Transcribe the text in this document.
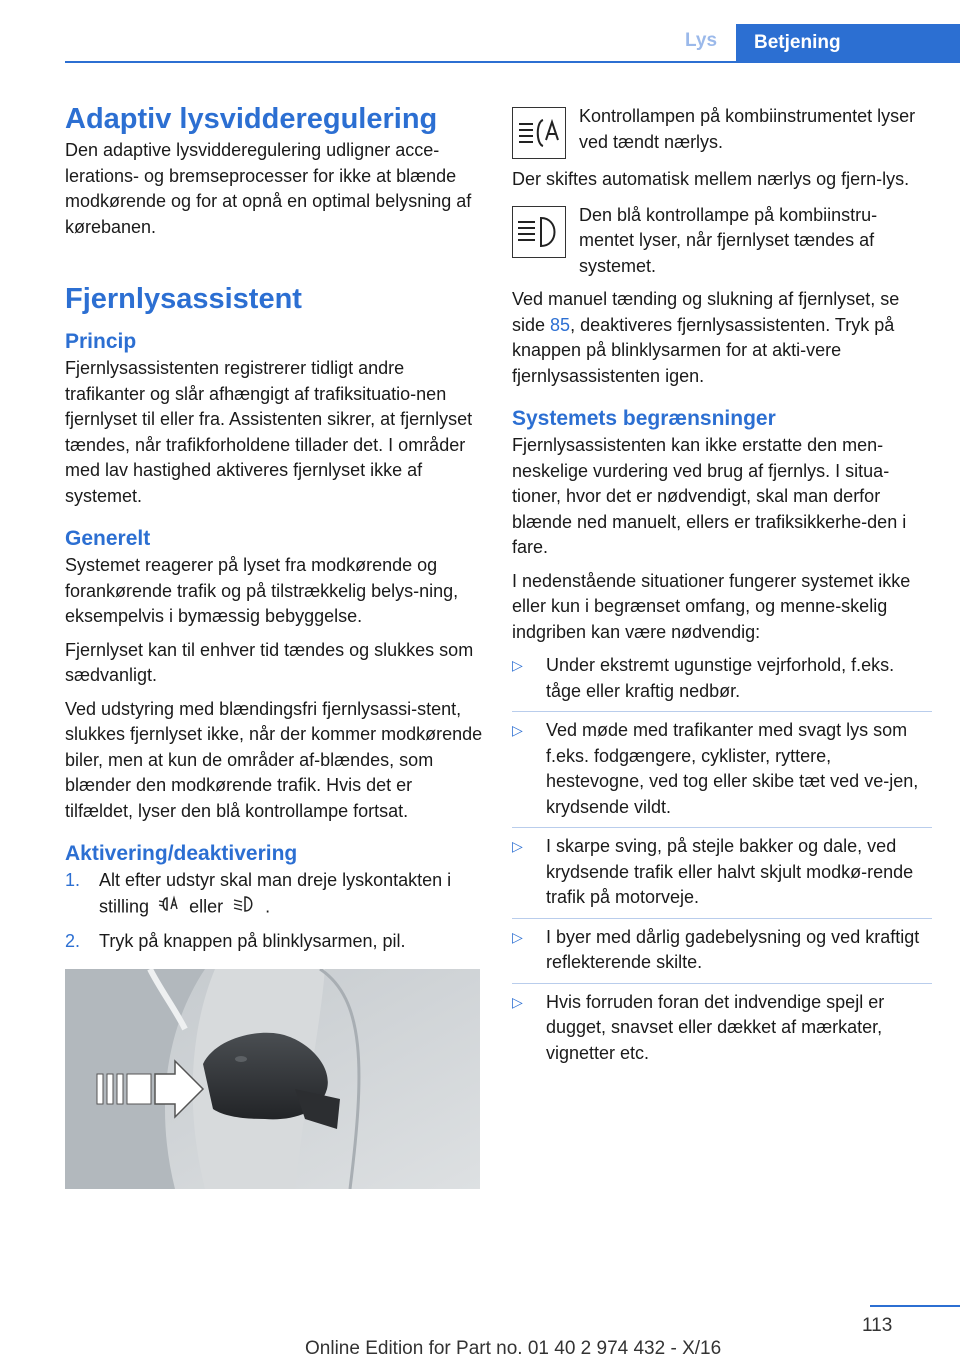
Lys	Betjening
Adaptiv lysvidderegulering

Den adaptive lysvidderegulering udligner acce-lerations- og bremseprocesser for ikke at blænde modkørende og for at opnå en optimal belysning af kørebanen.

Fjernlysassistent
Princip

Fjernlysassistenten registrerer tidligt andre trafikanter og slår afhængigt af trafiksituatio-nen fjernlyset til eller fra. Assistenten sikrer, at fjernlyset tændes, når trafikforholdene tillader det. I områder med lav hastighed aktiveres fjernlyset ikke af systemet.

Generelt

Systemet reagerer på lyset fra modkørende og forankørende trafik og på tilstrækkelig belys-ning, eksempelvis i bymæssig bebyggelse.

Fjernlyset kan til enhver tid tændes og slukkes som sædvanligt.

Ved udstyring med blændingsfri fjernlysassi-stent, slukkes fjernlyset ikke, når der kommer modkørende biler, men at kun de områder af-blændes, som blænder den modkørende trafik. Hvis det er tilfældet, lyser den blå kontrollampe fortsat.

Aktivering/deaktivering
1.	Alt efter udstyr skal man dreje lyskontakten i stilling eller .
2.	Tryk på knappen på blinklysarmen, pil.
Kontrollampen på kombiinstrumentet lyser ved tændt nærlys.

Der skiftes automatisk mellem nærlys og fjern-lys.

Den blå kontrollampe på kombiinstru-mentet lyser, når fjernlyset tændes af systemet.

Ved manuel tænding og slukning af fjernlyset, se side 85, deaktiveres fjernlysassistenten. Tryk på knappen på blinklysarmen for at akti-vere fjernlysassistenten igen.

Systemets begrænsninger

Fjernlysassistenten kan ikke erstatte den men-neskelige vurdering ved brug af fjernlys. I situa-tioner, hvor det er nødvendigt, skal man derfor blænde ned manuelt, ellers er trafiksikkerhe-den i fare.

I nedenstående situationer fungerer systemet ikke eller kun i begrænset omfang, og menne-skelig indgriben kan være nødvendig:

▷	Under ekstremt ugunstige vejrforhold, f.eks. tåge eller kraftig nedbør.
▷	Ved møde med trafikanter med svagt lys som f.eks. fodgængere, cyklister, ryttere, hestevogne, ved tog eller skibe tæt ved ve-jen, krydsende vildt.
▷	I skarpe sving, på stejle bakker og dale, ved krydsende trafik eller halvt skjult modkø-rende trafik på motorveje.
▷	I byer med dårlig gadebelysning og ved kraftigt reflekterende skilte.
▷	Hvis forruden foran det indvendige spejl er dugget, snavset eller dækket af mærkater, vignetter etc.
113
Online Edition for Part no. 01 40 2 974 432 - X/16
